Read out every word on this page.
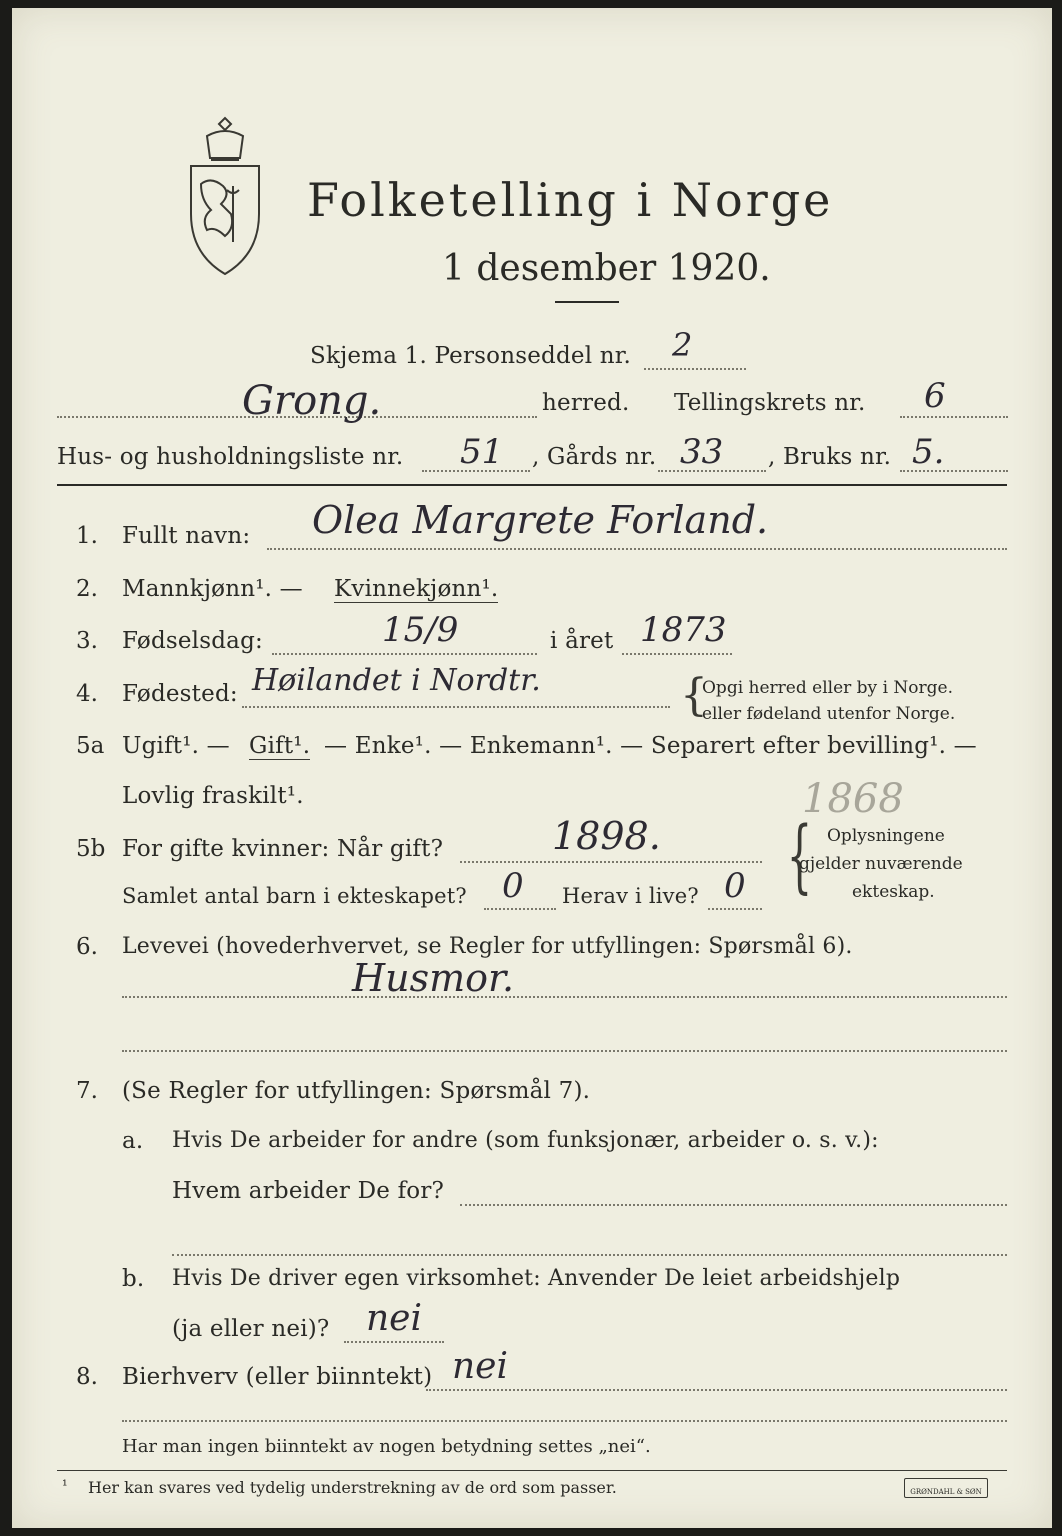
Folketelling i Norge
1 desember 1920.
Skjema 1. Personseddel nr. 2
Grong.	herred. Tellingskrets nr. 6
Hus- og husholdningsliste nr. 51 , Gårds nr. 33 , Bruks nr. 5.
1. Fullt navn: Olea Margrete Forland.
2. Mannkjønn¹. — Kvinnekjønn¹.
3. Fødselsdag:	15/9	i året 1873
4. Fødested: Høilandet i Nordtr.	{
Opgi herred eller by i Norge.
eller fødeland utenfor Norge.
5a Ugift¹. — Gift¹. — Enke¹. — Enkemann¹. — Separert efter bevilling¹. —
Lovlig fraskilt¹.	1868
5b For gifte kvinner: Når gift?	1898.
Samlet antal barn i ekteskapet? 0 Herav i live? 0 { Oplysningene
gjelder nuværende
ekteskap.
6. Levevei (hovederhvervet, se Regler for utfyllingen: Spørsmål 6).
Husmor.
7. (Se Regler for utfyllingen: Spørsmål 7).
a. Hvis De arbeider for andre (som funksjonær, arbeider o. s. v.):
Hvem arbeider De for?
b. Hvis De driver egen virksomhet: Anvender De leiet arbeidshjelp
(ja eller nei)? nei
8. Bierhverv (eller biinntekt) nei
Har man ingen biinntekt av nogen betydning settes „nei“.
¹ Her kan svares ved tydelig understrekning av de ord som passer.	GRØNDAHL & SØN
